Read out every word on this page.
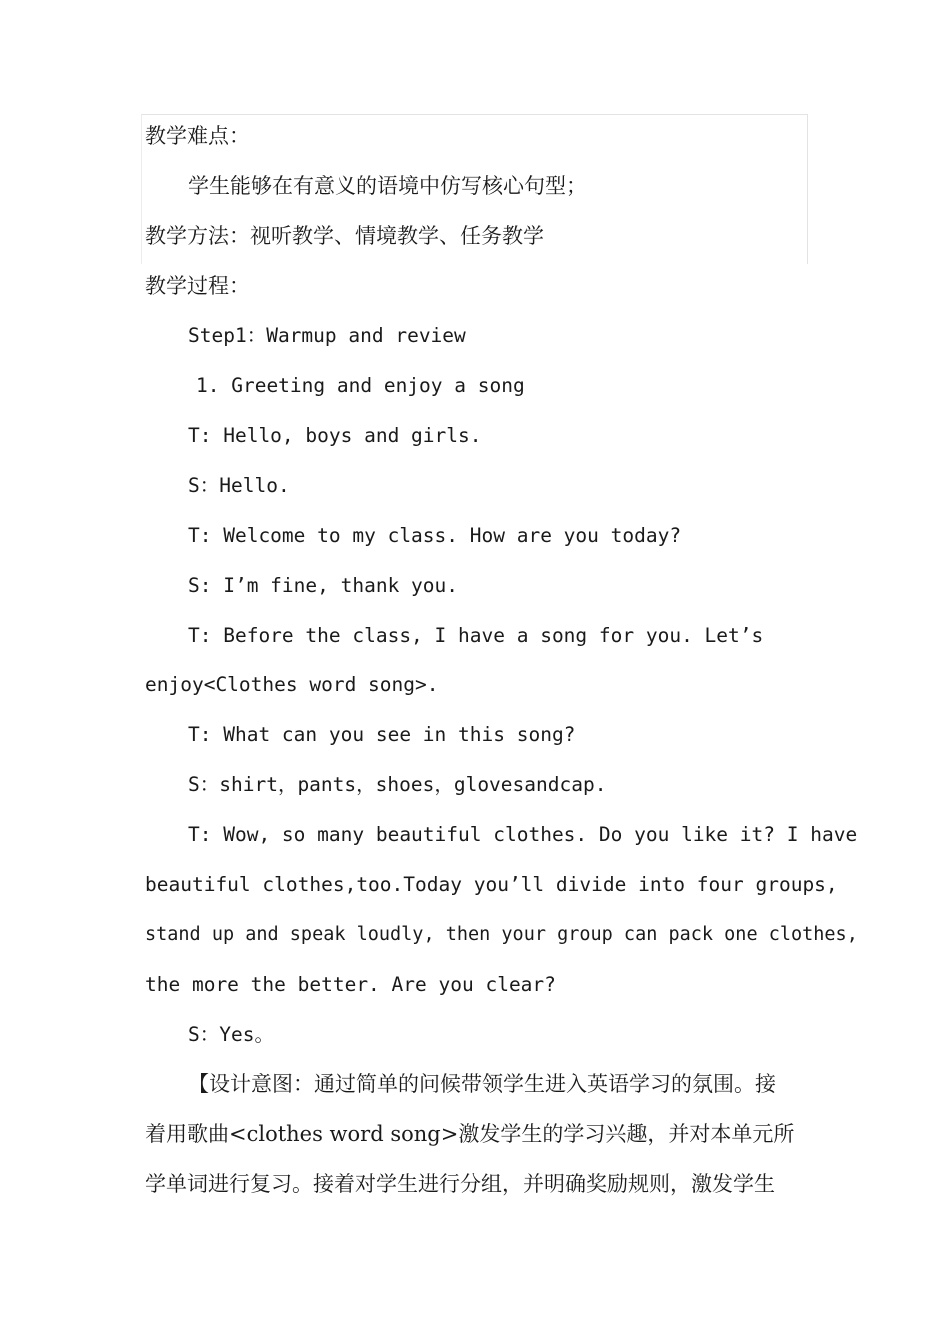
教学难点：
学生能够在有意义的语境中仿写核心句型；
教学方法：视听教学、情境教学、任务教学
教学过程：
Step1：Warmup and review
1. Greeting and enjoy a song
T: Hello, boys and girls.
S：Hello.
T: Welcome to my class. How are you today?
S: I’m fine, thank you.
T: Before the class, I have a song for you. Let’s
enjoy<Clothes word song>.
T: What can you see in this song?
S：shirt，pants，shoes，glovesandcap.
T: Wow, so many beautiful clothes. Do you like it? I have
beautiful clothes,too.Today you’ll divide into four groups,
stand up and speak loudly, then your group can pack one clothes,
the more the better. Are you clear?
S：Yes。
【设计意图：通过简单的问候带领学生进入英语学习的氛围。接
着用歌曲<clothes word song>激发学生的学习兴趣，并对本单元所
学单词进行复习。接着对学生进行分组，并明确奖励规则，激发学生
